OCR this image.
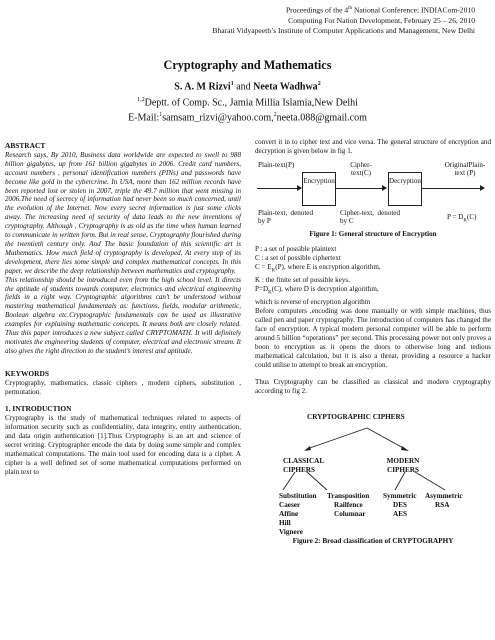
Proceedings of the 4th National Conference; INDIACom-2010
Computing For Nation Development, February 25 – 26, 2010
Bharati Vidyapeeth’s Institute of Computer Applications and Management, New Delhi
Cryptography and Mathematics
S. A. M Rizvi$^1$ and Neeta Wadhwa$^2$
$^{1,2}$Deptt. of Comp. Sc., Jamia Millia Islamia,New Delhi
E-Mail:$^1$samsam_rizvi@yahoo.com,$^2$neeta.088@gmail.com

ABSTRACT

Research says, By 2010, Business data worldwide are expected to swell to 988 billion gigabytes, up from 161 billion gigabytes in 2006. Credit card numbers, account numbers , personal identification numbers (PINs) and passwords have become like gold in the cybercrime. In USA, more than 162 million records have been reported lost or stolen in 2007, triple the 49.7 million that went missing in 2006.The need of secrecy of information had never been so much concerned, until the evolution of the Internet. Now every secret information is just some clicks away. The increasing need of security of data leads to the new inventions of cryptography. Although , Cryptography is as old as the time when human learned to communicate in written form. But in real sense, Cryptography flourished during the twentieth century only. And The basic foundation of this scientific art is Mathematics. How much field of cryptography is developed, At every step of its development, there lies some simple and complex mathematical concepts. In this paper, we describe the deep relationship between mathematics and cryptography.

This relationship should be introduced even from the high school level. It directs the aptitude of students towards computer, electronics and electrical engineering fields in a right way. Cryptographic algorithms can’t be understood without mastering mathematical fundamentals as: functions, fields, modular arithmetic, Boolean algebra etc.Cryptographic fundamentals can be used as illustrative examples for explaining mathematic concepts. It means both are closely related. Thus this paper introduces a new subject called CRYPTOMATH. It will definitely motivates the engineering students of computer, electrical and electronic stream. It also gives the right direction to the student’s interest and aptitude.

KEYWORDS

Cryptography, mathematics, classic ciphers , modern ciphers, substitution , permutation.

1. INTRODUCTION

Cryptography is the study of mathematical techniques related to aspects of information security such as confidentiality, data integrity, entity authentication, and data origin authentication [1].Thus Cryptography is an art and science of secret writing. Cryptographer encode the data by doing some simple and complex mathematical computations. The main tool used for encoding data is a cipher. A cipher is a well defined set of some mathematical computations performed on plain text to

convert it in to cipher text and vice versa. The general structure of encryption and decryption is given below in fig 1.

Plain-text(P)
Encryption
Cipher-text(C)
Decryption
OriginalPlain-text (P)
Plain-text, denoted by P
Cipher-text, denoted by C
$P = D_K(C)$
Figure 1: General structure of Encryption

P : a set of possible plaintext

C : a set of possible ciphertext

$C = E_K(P)$, where E is encryption algorithm,

K : the finite set of possible keys.

$P=D_K(C)$, where D is decryption algorithm,

which is reverse of encryption algorithm

Before computers ,encoding was done manually or with simple machines, thus called pen and paper cryptography. The introduction of computers has changed the face of encryption. A typical modern personal computer will be able to perform around 5 billion “operations” per second. This processing power not only proves a boon to encryption as it opens the doors to otherwise long and tedious mathematical calculation, but it is also a threat, providing a resource a hacker could utilise to attempt to break an encryption.

Thus Cryptography can be classified as classical and modern cryptography according to fig 2.

CRYPTOGRAPHIC CIPHERS
CLASSICAL CIPHERS
MODERN CIPHERS
Substitution Transposition Symmetric Asymmetric
Caeser	Railfence	DES	RSA
Affine	Columnar	AES
Hill
Vignere
Figure 2: Broad classification of CRYPTOGRAPHY
